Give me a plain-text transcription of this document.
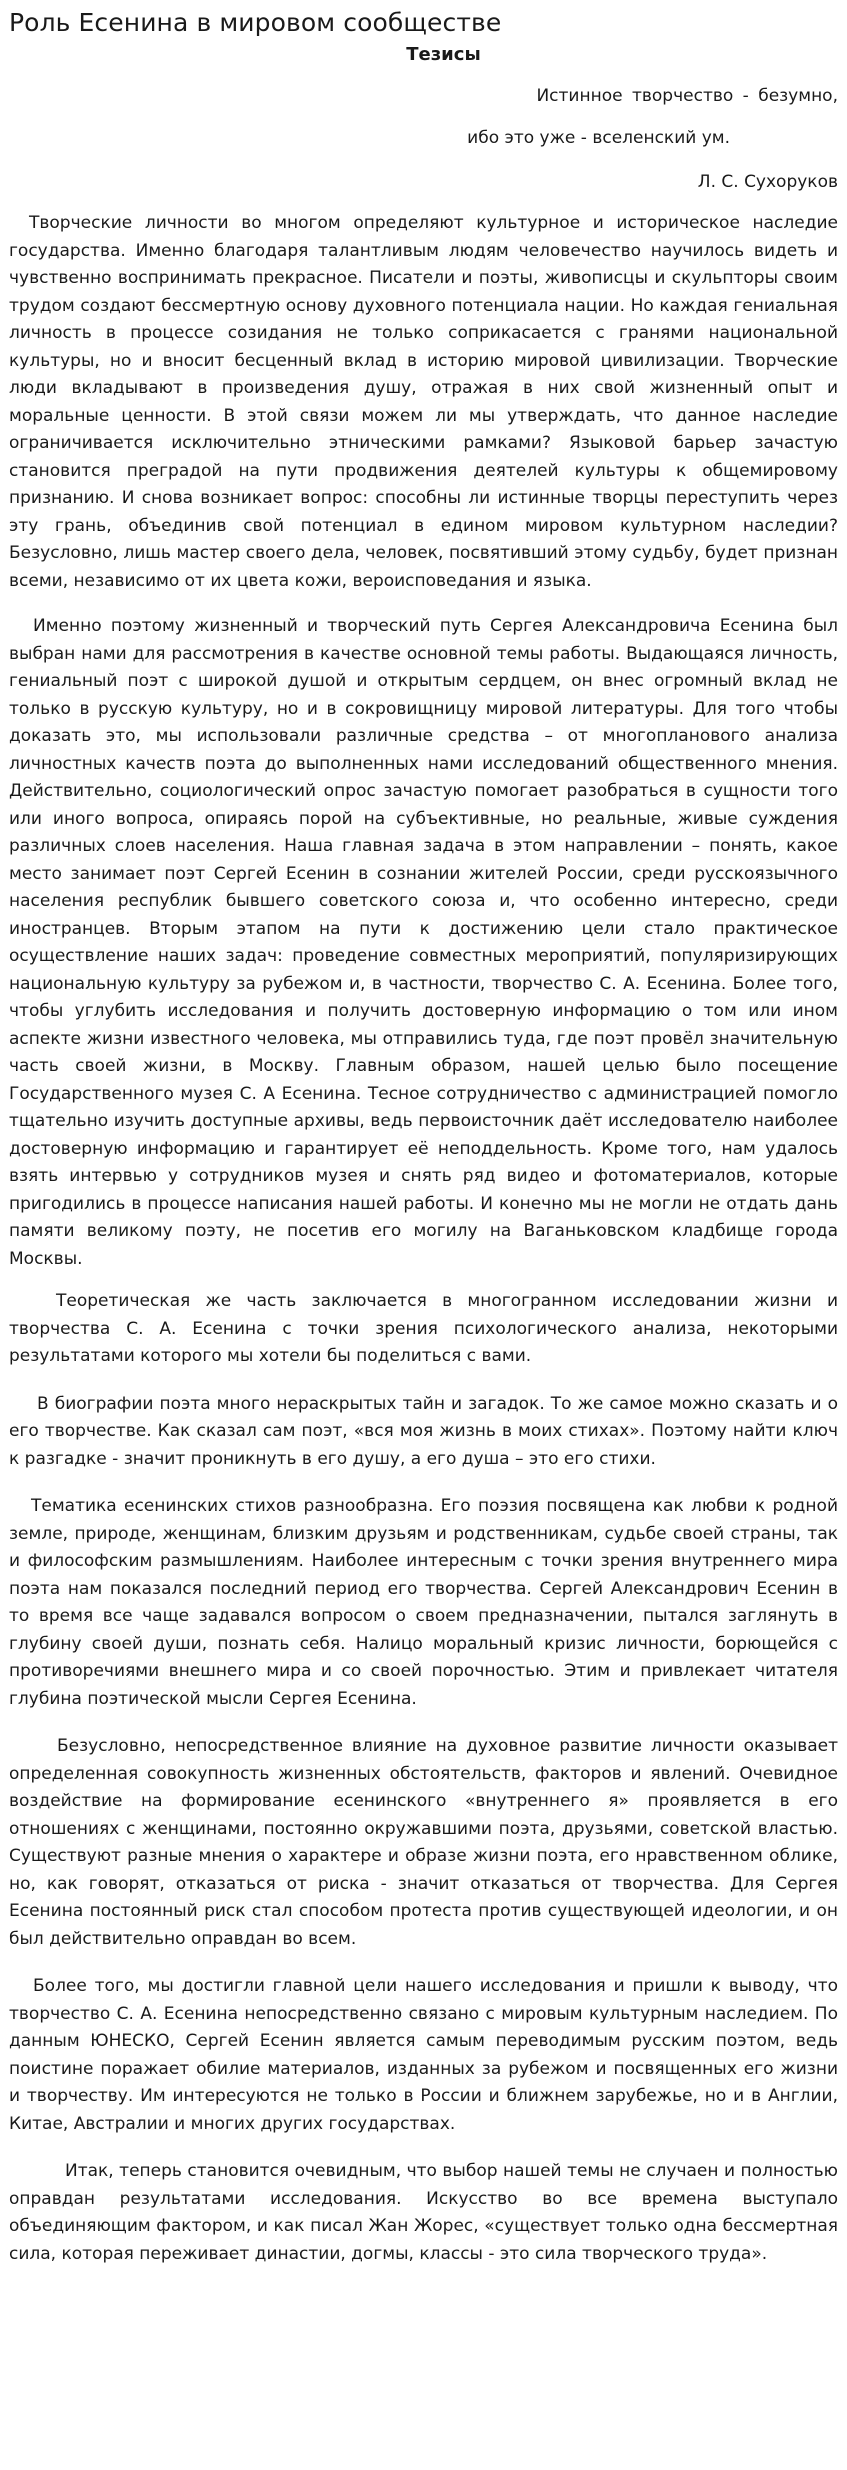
Роль Есенина в мировом сообществе
Тезисы
Истинное творчество - безумно,
ибо это уже - вселенский ум.
Л. С. Сухоруков

Творческие личности во многом определяют культурное и историческое наследие государства. Именно благодаря талантливым людям человечество научилось видеть и чувственно воспринимать прекрасное. Писатели и поэты, живописцы и скульпторы своим трудом создают бессмертную основу духовного потенциала нации. Но каждая гениальная личность в процессе созидания не только соприкасается с гранями национальной культуры, но и вносит бесценный вклад в историю мировой цивилизации. Творческие люди вкладывают в произведения душу, отражая в них свой жизненный опыт и моральные ценности. В этой связи можем ли мы утверждать, что данное наследие ограничивается исключительно этническими рамками? Языковой барьер зачастую становится преградой на пути продвижения деятелей культуры к общемировому признанию. И снова возникает вопрос: способны ли истинные творцы переступить через эту грань, объединив свой потенциал в едином мировом культурном наследии? Безусловно, лишь мастер своего дела, человек, посвятивший этому судьбу, будет признан всеми, независимо от их цвета кожи, вероисповедания и языка.

Именно поэтому жизненный и творческий путь Сергея Александровича Есенина был выбран нами для рассмотрения в качестве основной темы работы. Выдающаяся личность, гениальный поэт с широкой душой и открытым сердцем, он внес огромный вклад не только в русскую культуру, но и в сокровищницу мировой литературы. Для того чтобы доказать это, мы использовали различные средства – от многопланового анализа личностных качеств поэта до выполненных нами исследований общественного мнения. Действительно, социологический опрос зачастую помогает разобраться в сущности того или иного вопроса, опираясь порой на субъективные, но реальные, живые суждения различных слоев населения. Наша главная задача в этом направлении – понять, какое место занимает поэт Сергей Есенин в сознании жителей России, среди русскоязычного населения республик бывшего советского союза и, что особенно интересно, среди иностранцев. Вторым этапом на пути к достижению цели стало практическое осуществление наших задач: проведение совместных мероприятий, популяризирующих национальную культуру за рубежом и, в частности, творчество С. А. Есенина. Более того, чтобы углубить исследования и получить достоверную информацию о том или ином аспекте жизни известного человека, мы отправились туда, где поэт провёл значительную часть своей жизни, в Москву. Главным образом, нашей целью было посещение Государственного музея С. А Есенина. Тесное сотрудничество с администрацией помогло тщательно изучить доступные архивы, ведь первоисточник даёт исследователю наиболее достоверную информацию и гарантирует её неподдельность. Кроме того, нам удалось взять интервью у сотрудников музея и снять ряд видео и фотоматериалов, которые пригодились в процессе написания нашей работы. И конечно мы не могли не отдать дань памяти великому поэту, не посетив его могилу на Ваганьковском кладбище города Москвы.

Теоретическая же часть заключается в многогранном исследовании жизни и творчества С. А. Есенина с точки зрения психологического анализа, некоторыми результатами которого мы хотели бы поделиться с вами.

В биографии поэта много нераскрытых тайн и загадок. То же самое можно сказать и о его творчестве. Как сказал сам поэт, «вся моя жизнь в моих стихах». Поэтому найти ключ к разгадке - значит проникнуть в его душу, а его душа – это его стихи.

Тематика есенинских стихов разнообразна. Его поэзия посвящена как любви к родной земле, природе, женщинам, близким друзьям и родственникам, судьбе своей страны, так и философским размышлениям. Наиболее интересным с точки зрения внутреннего мира поэта нам показался последний период его творчества. Сергей Александрович Есенин в то время все чаще задавался вопросом о своем предназначении, пытался заглянуть в глубину своей души, познать себя. Налицо моральный кризис личности, борющейся с противоречиями внешнего мира и со своей порочностью. Этим и привлекает читателя глубина поэтической мысли Сергея Есенина.

Безусловно, непосредственное влияние на духовное развитие личности оказывает определенная совокупность жизненных обстоятельств, факторов и явлений. Очевидное воздействие на формирование есенинского «внутреннего я» проявляется в его отношениях с женщинами, постоянно окружавшими поэта, друзьями, советской властью. Существуют разные мнения о характере и образе жизни поэта, его нравственном облике, но, как говорят, отказаться от риска - значит отказаться от творчества. Для Сергея Есенина постоянный риск стал способом протеста против существующей идеологии, и он был действительно оправдан во всем.

Более того, мы достигли главной цели нашего исследования и пришли к выводу, что творчество С. А. Есенина непосредственно связано с мировым культурным наследием. По данным ЮНЕСКО, Сергей Есенин является самым переводимым русским поэтом, ведь поистине поражает обилие материалов, изданных за рубежом и посвященных его жизни и творчеству. Им интересуются не только в России и ближнем зарубежье, но и в Англии, Китае, Австралии и многих других государствах.

Итак, теперь становится очевидным, что выбор нашей темы не случаен и полностью оправдан результатами исследования. Искусство во все времена выступало объединяющим фактором, и как писал Жан Жорес, «существует только одна бессмертная сила, которая переживает династии, догмы, классы - это сила творческого труда».
